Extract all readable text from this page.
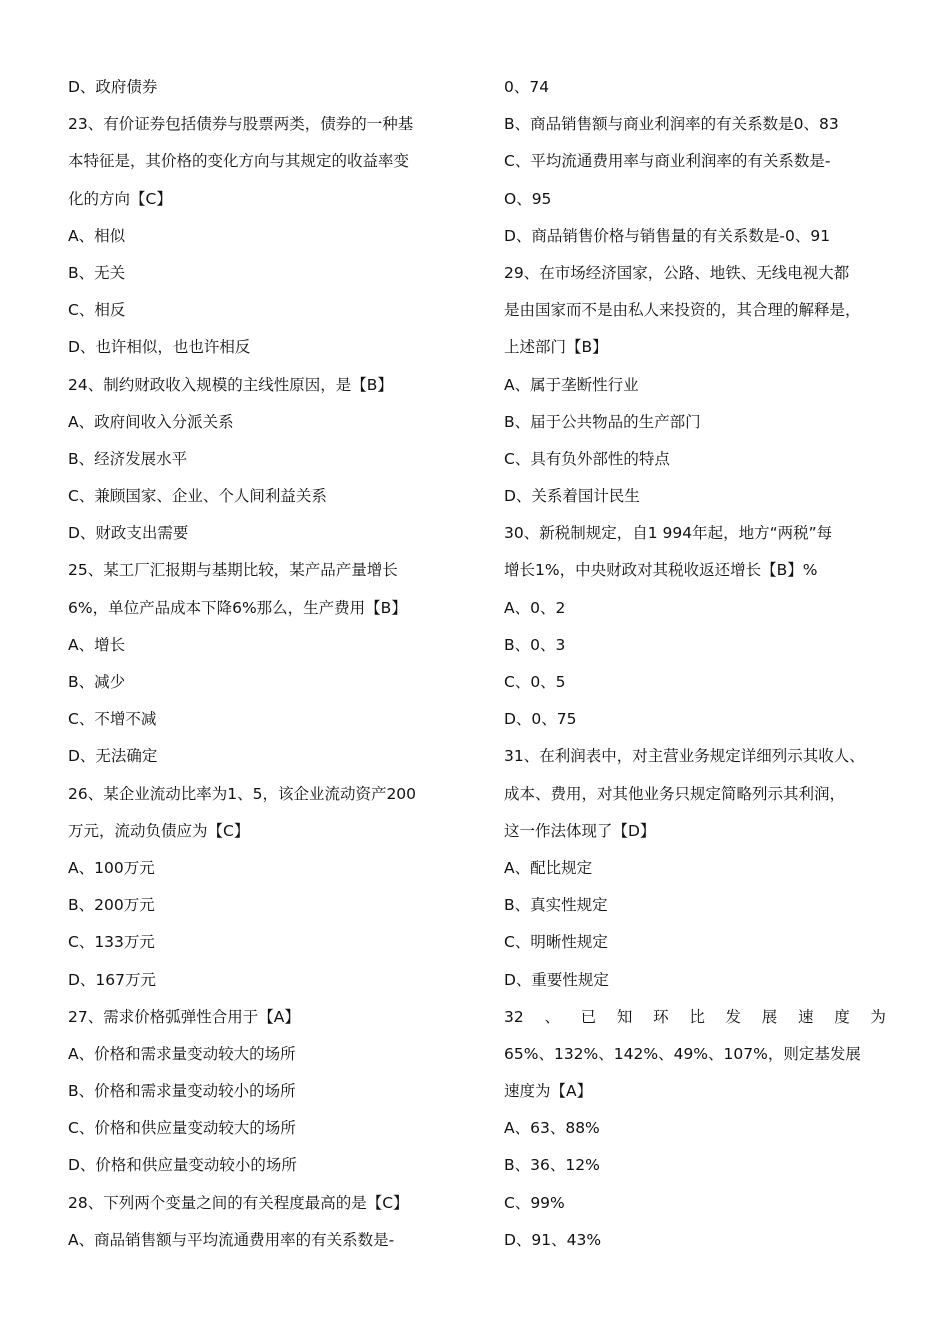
D、政府债券
23、有价证券包括债券与股票两类，债券的一种基
本特征是，其价格的变化方向与其规定的收益率变
化的方向【C】
A、相似
B、无关
C、相反
D、也许相似，也也许相反
24、制约财政收入规模的主线性原因，是【B】
A、政府间收入分派关系
B、经济发展水平
C、兼顾国家、企业、个人间利益关系
D、财政支出需要
25、某工厂汇报期与基期比较，某产品产量增长
6%，单位产品成本下降6%那么，生产费用【B】
A、增长
B、减少
C、不增不减
D、无法确定
26、某企业流动比率为1、5，该企业流动资产200
万元，流动负债应为【C】
A、100万元
B、200万元
C、133万元
D、167万元
27、需求价格弧弹性合用于【A】
A、价格和需求量变动较大的场所
B、价格和需求量变动较小的场所
C、价格和供应量变动较大的场所
D、价格和供应量变动较小的场所
28、下列两个变量之间的有关程度最高的是【C】
A、商品销售额与平均流通费用率的有关系数是-
0、74
B、商品销售额与商业利润率的有关系数是0、83
C、平均流通费用率与商业利润率的有关系数是-
O、95
D、商品销售价格与销售量的有关系数是-0、91
29、在市场经济国家，公路、地铁、无线电视大都
是由国家而不是由私人来投资的，其合理的解释是，
上述部门【B】
A、属于垄断性行业
B、届于公共物品的生产部门
C、具有负外部性的特点
D、关系着国计民生
30、新税制规定，自1 994年起，地方“两税”每
增长1%，中央财政对其税收返还增长【B】%
A、0、2
B、0、3
C、0、5
D、0、75
31、在利润表中，对主营业务规定详细列示其收人、
成本、费用，对其他业务只规定简略列示其利润，
这一作法体现了【D】
A、配比规定
B、真实性规定
C、明晰性规定
D、重要性规定
32 、 已 知 环 比 发 展 速 度 为
65%、132%、142%、49%、107%，则定基发展
速度为【A】
A、63、88%
B、36、12%
C、99%
D、91、43%
